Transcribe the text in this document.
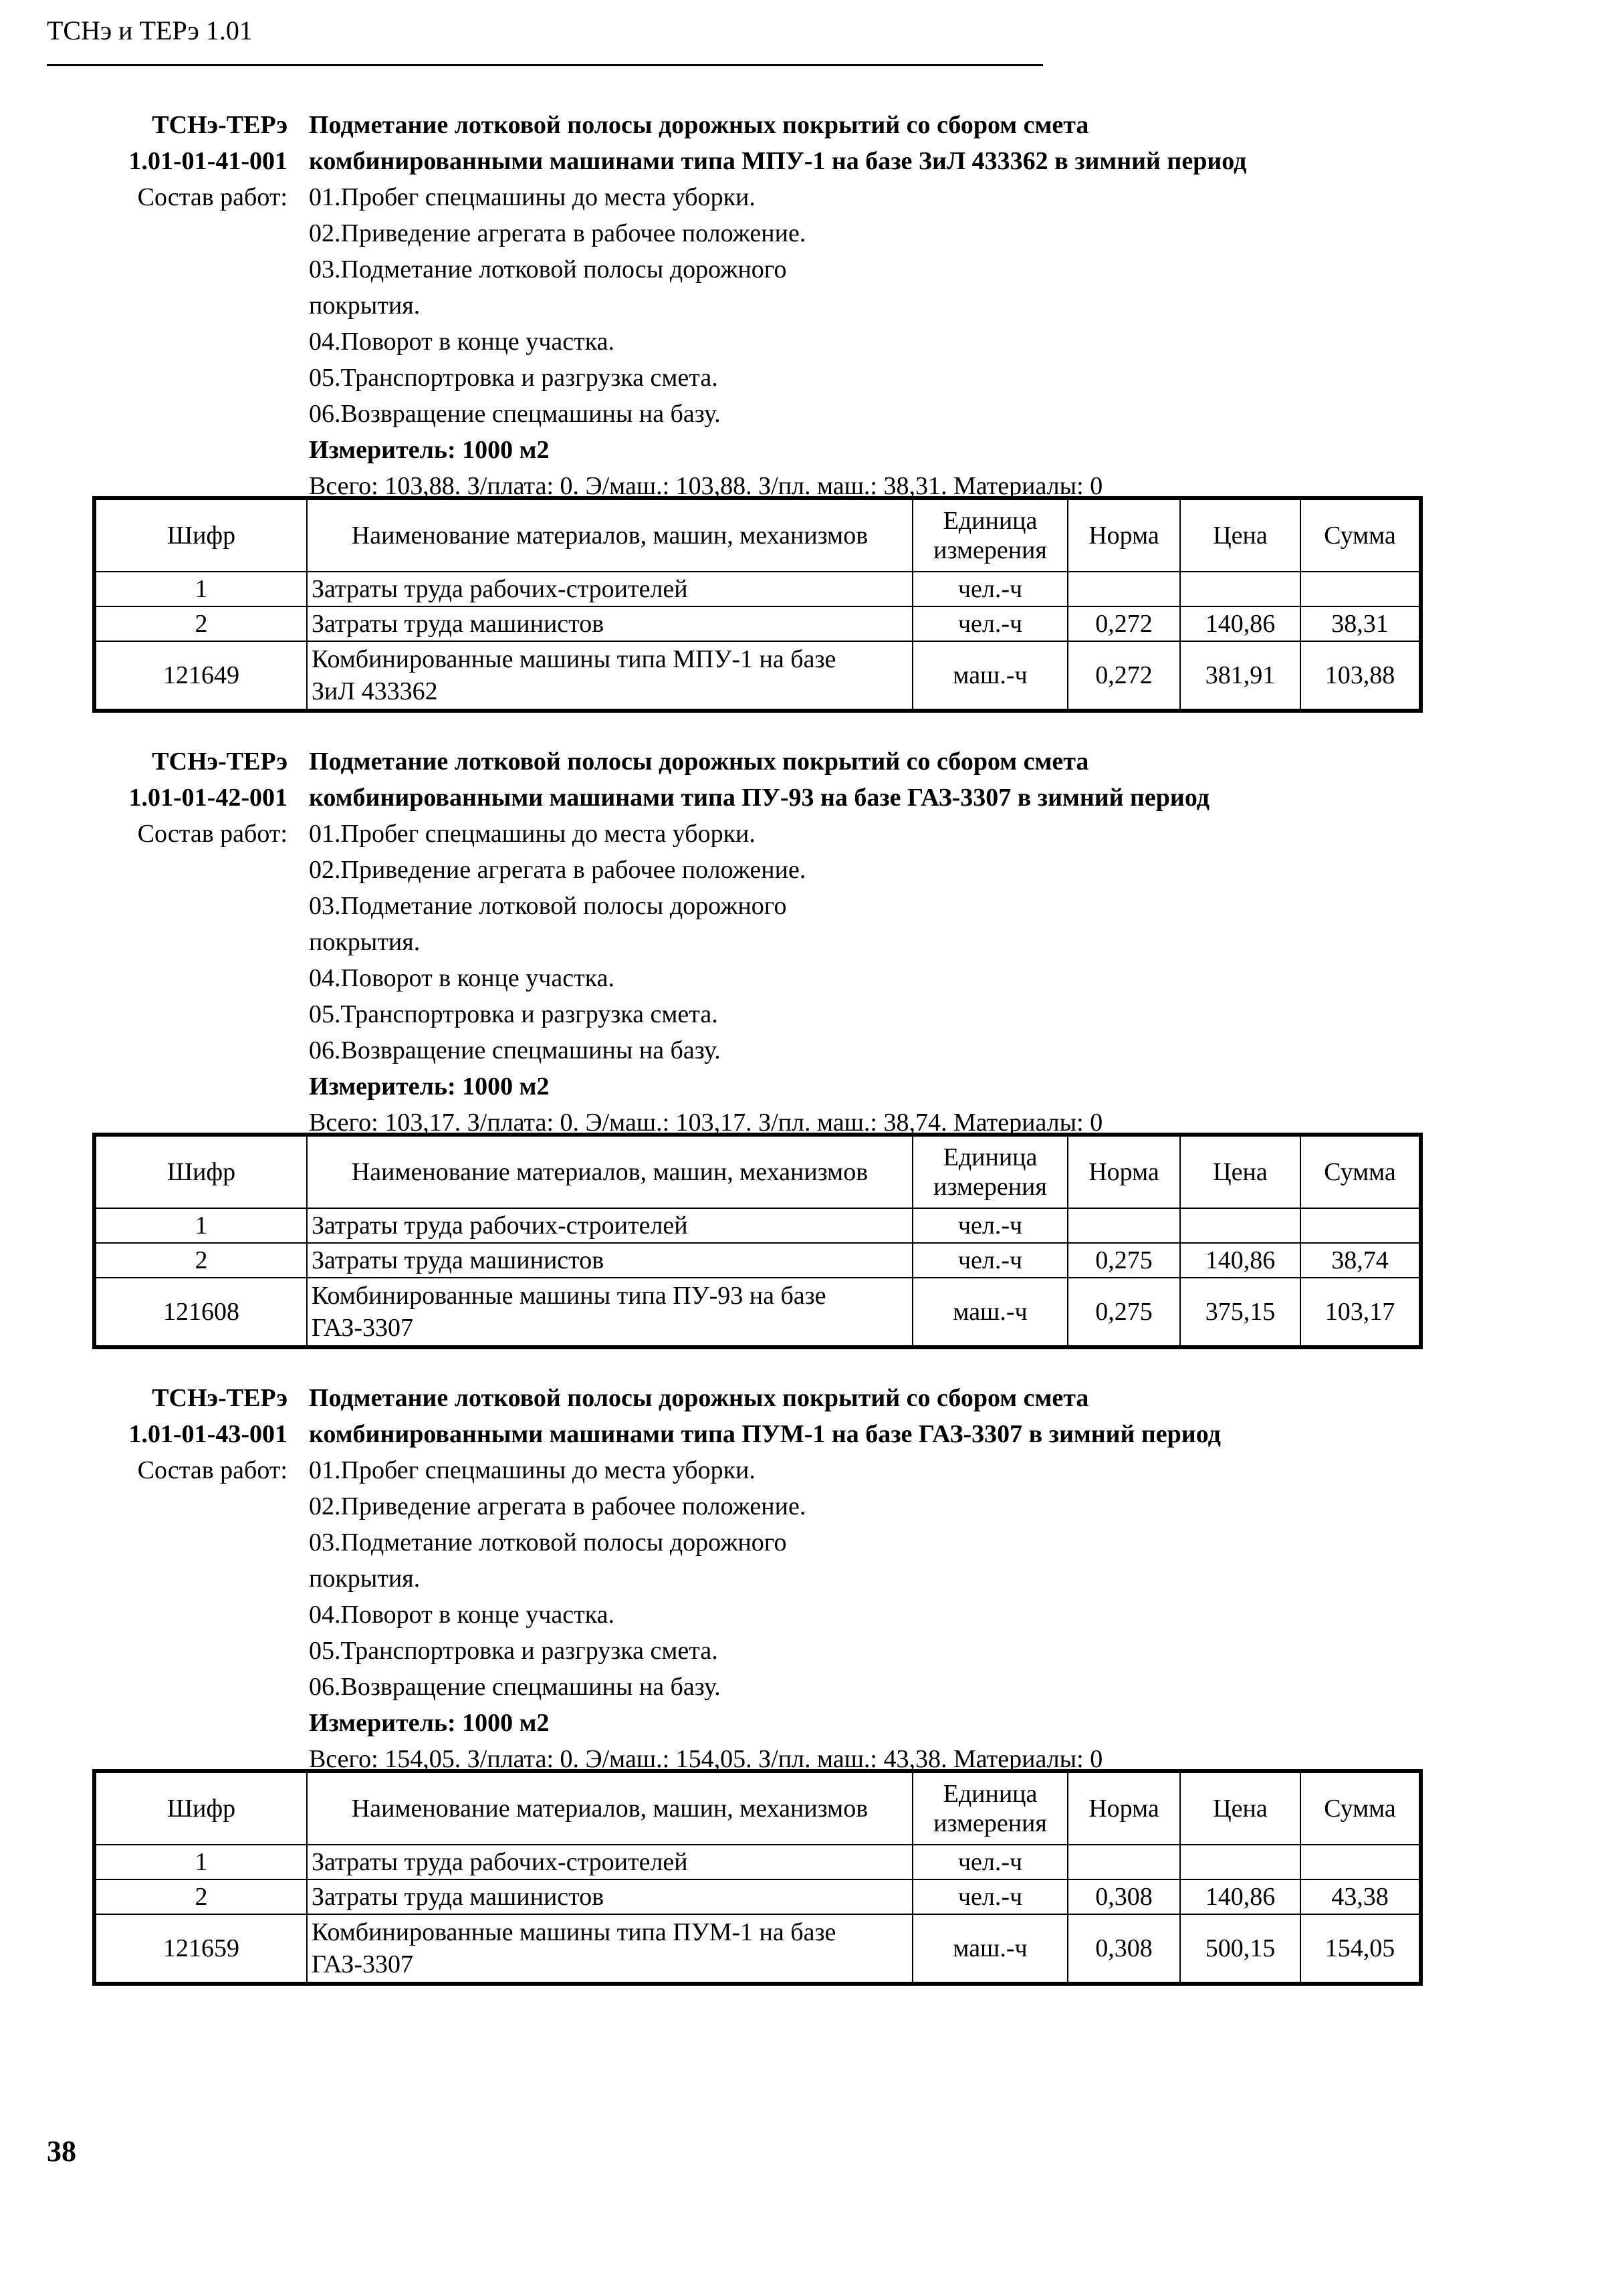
ТСНэ и ТЕРэ 1.01
ТСНэ-ТЕРэ
1.01-01-41-001
Состав работ:
Подметание лотковой полосы дорожных покрытий со сбором смета
комбинированными машинами типа МПУ-1 на базе ЗиЛ 433362 в зимний период
01.Пробег спецмашины до места уборки.
02.Приведение агрегата в рабочее положение.
03.Подметание лотковой полосы дорожного
покрытия.
04.Поворот в конце участка.
05.Транспортровка и разгрузка смета.
06.Возвращение спецмашины на базу.
Измеритель: 1000 м2
Всего: 103,88. З/плата: 0. Э/маш.: 103,88. З/пл. маш.: 38,31. Материалы: 0
Шифр	Наименование материалов, машин, механизмов	Единица измерения	Норма	Цена	Сумма
1	Затраты труда рабочих-строителей	чел.-ч			
2	Затраты труда машинистов	чел.-ч	0,272	140,86	38,31
121649	Комбинированные машины типа МПУ-1 на базе
ЗиЛ 433362	маш.-ч	0,272	381,91	103,88
ТСНэ-ТЕРэ
1.01-01-42-001
Состав работ:
Подметание лотковой полосы дорожных покрытий со сбором смета
комбинированными машинами типа ПУ-93 на базе ГАЗ-3307 в зимний период
01.Пробег спецмашины до места уборки.
02.Приведение агрегата в рабочее положение.
03.Подметание лотковой полосы дорожного
покрытия.
04.Поворот в конце участка.
05.Транспортровка и разгрузка смета.
06.Возвращение спецмашины на базу.
Измеритель: 1000 м2
Всего: 103,17. З/плата: 0. Э/маш.: 103,17. З/пл. маш.: 38,74. Материалы: 0
Шифр	Наименование материалов, машин, механизмов	Единица измерения	Норма	Цена	Сумма
1	Затраты труда рабочих-строителей	чел.-ч			
2	Затраты труда машинистов	чел.-ч	0,275	140,86	38,74
121608	Комбинированные машины типа ПУ-93 на базе
ГАЗ-3307	маш.-ч	0,275	375,15	103,17
ТСНэ-ТЕРэ
1.01-01-43-001
Состав работ:
Подметание лотковой полосы дорожных покрытий со сбором смета
комбинированными машинами типа ПУМ-1 на базе ГАЗ-3307 в зимний период
01.Пробег спецмашины до места уборки.
02.Приведение агрегата в рабочее положение.
03.Подметание лотковой полосы дорожного
покрытия.
04.Поворот в конце участка.
05.Транспортровка и разгрузка смета.
06.Возвращение спецмашины на базу.
Измеритель: 1000 м2
Всего: 154,05. З/плата: 0. Э/маш.: 154,05. З/пл. маш.: 43,38. Материалы: 0
Шифр	Наименование материалов, машин, механизмов	Единица измерения	Норма	Цена	Сумма
1	Затраты труда рабочих-строителей	чел.-ч			
2	Затраты труда машинистов	чел.-ч	0,308	140,86	43,38
121659	Комбинированные машины типа ПУМ-1 на базе
ГАЗ-3307	маш.-ч	0,308	500,15	154,05
38
